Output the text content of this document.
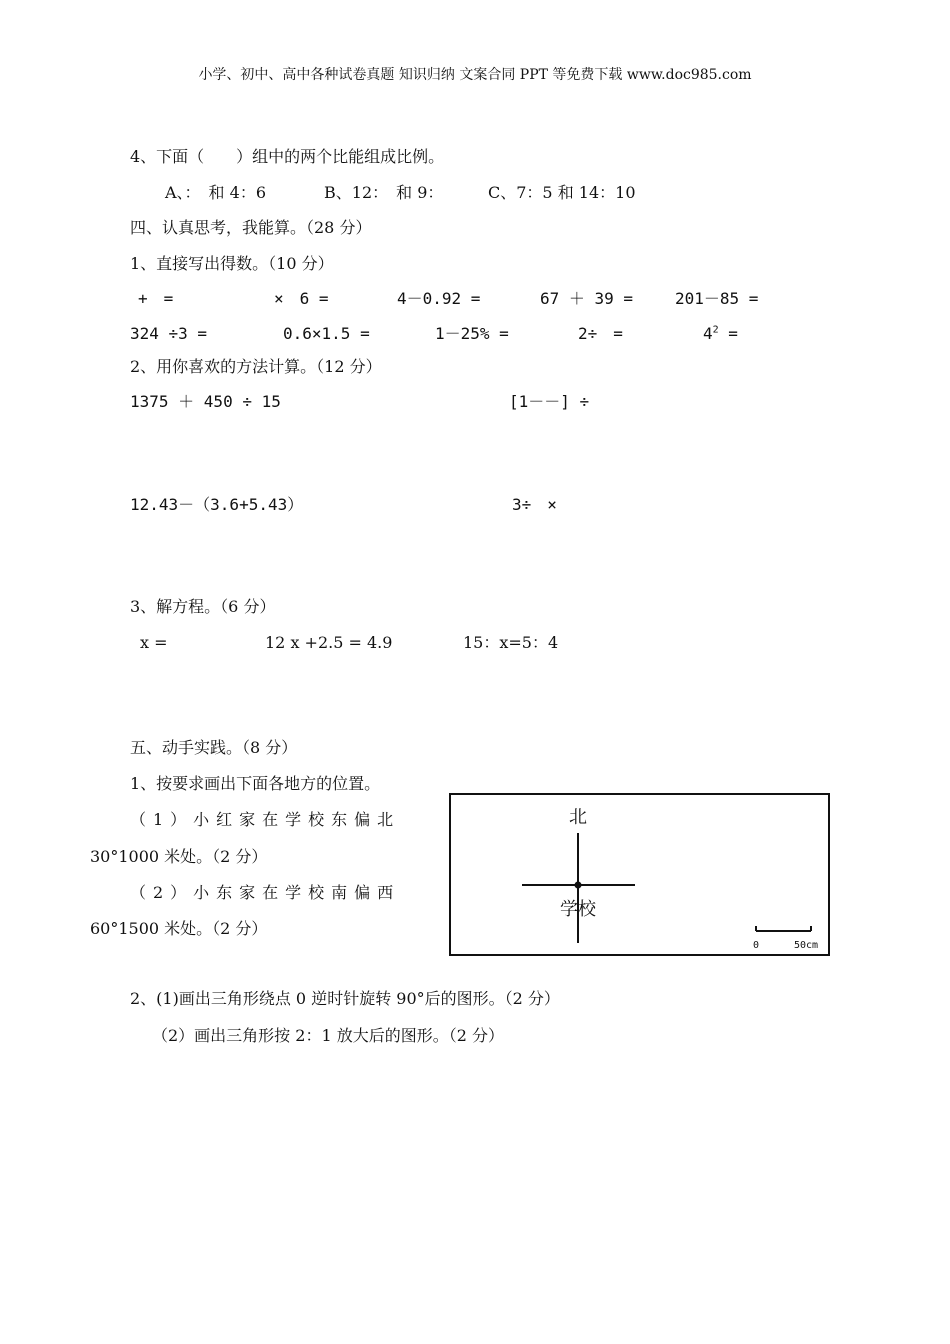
小学、初中、高中各种试卷真题 知识归纳 文案合同 PPT 等免费下载 www.doc985.com
4、下面（　　）组中的两个比能组成比例。
A、：　和 4：6	B、12：　和 9：	C、7：5 和 14：10
四、认真思考，我能算。（28 分）
1、直接写出得数。（10 分）
+　=	×　6 =	4－0.92 =	67 ＋ 39 =	201－85 =
324 ÷3 =	0.6×1.5 =	1－25% =	2÷　=	$4^2$ =
2、用你喜欢的方法计算。（12 分）
1375 ＋ 450 ÷ 15	[1－－] ÷
12.43－（3.6+5.43）	3÷　×
3、解方程。（6 分）
x =	12 x +2.5 = 4.9	15：x=5：4
五、动手实践。（8 分）
1、按要求画出下面各地方的位置。
（1）小红家在学校东偏北
30°1000 米处。（2 分）
（2）小东家在学校南偏西
60°1500 米处。（2 分）
北
学校
0	50cm
2、(1)画出三角形绕点 0 逆时针旋转 90°后的图形。（2 分）
（2）画出三角形按 2：1 放大后的图形。（2 分）
